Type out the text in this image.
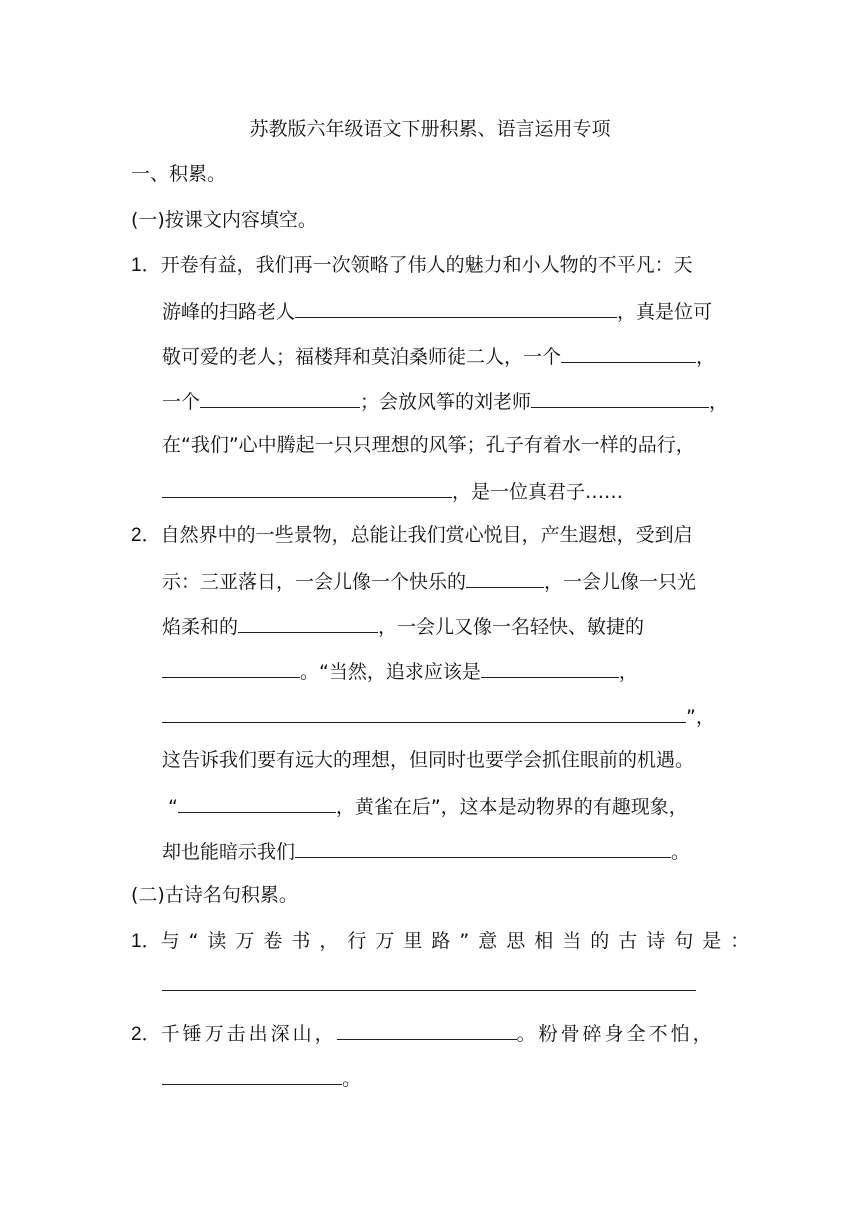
苏教版六年级语文下册积累、语言运用专项
一、积累。
(一)按课文内容填空。
1．开卷有益，我们再一次领略了伟人的魅力和小人物的不平凡：天
游峰的扫路老人	，真是位可
敬可爱的老人；福楼拜和莫泊桑师徒二人，一个	，
一个	；会放风筝的刘老师	，
在“我们”心中腾起一只只理想的风筝；孔子有着水一样的品行，
，是一位真君子……
2．自然界中的一些景物，总能让我们赏心悦目，产生遐想，受到启
示：三亚落日，一会儿像一个快乐的	，一会儿像一只光
焰柔和的	，一会儿又像一名轻快、敏捷的
。“当然，追求应该是	，
”，
这告诉我们要有远大的理想，但同时也要学会抓住眼前的机遇。
“	，黄雀在后”，这本是动物界的有趣现象，
却也能暗示我们	。
(二)古诗名句积累。
1．与“读万卷书，行万里路”意思相当的古诗句是：
2．千锤万击出深山，	。粉骨碎身全不怕，
。
